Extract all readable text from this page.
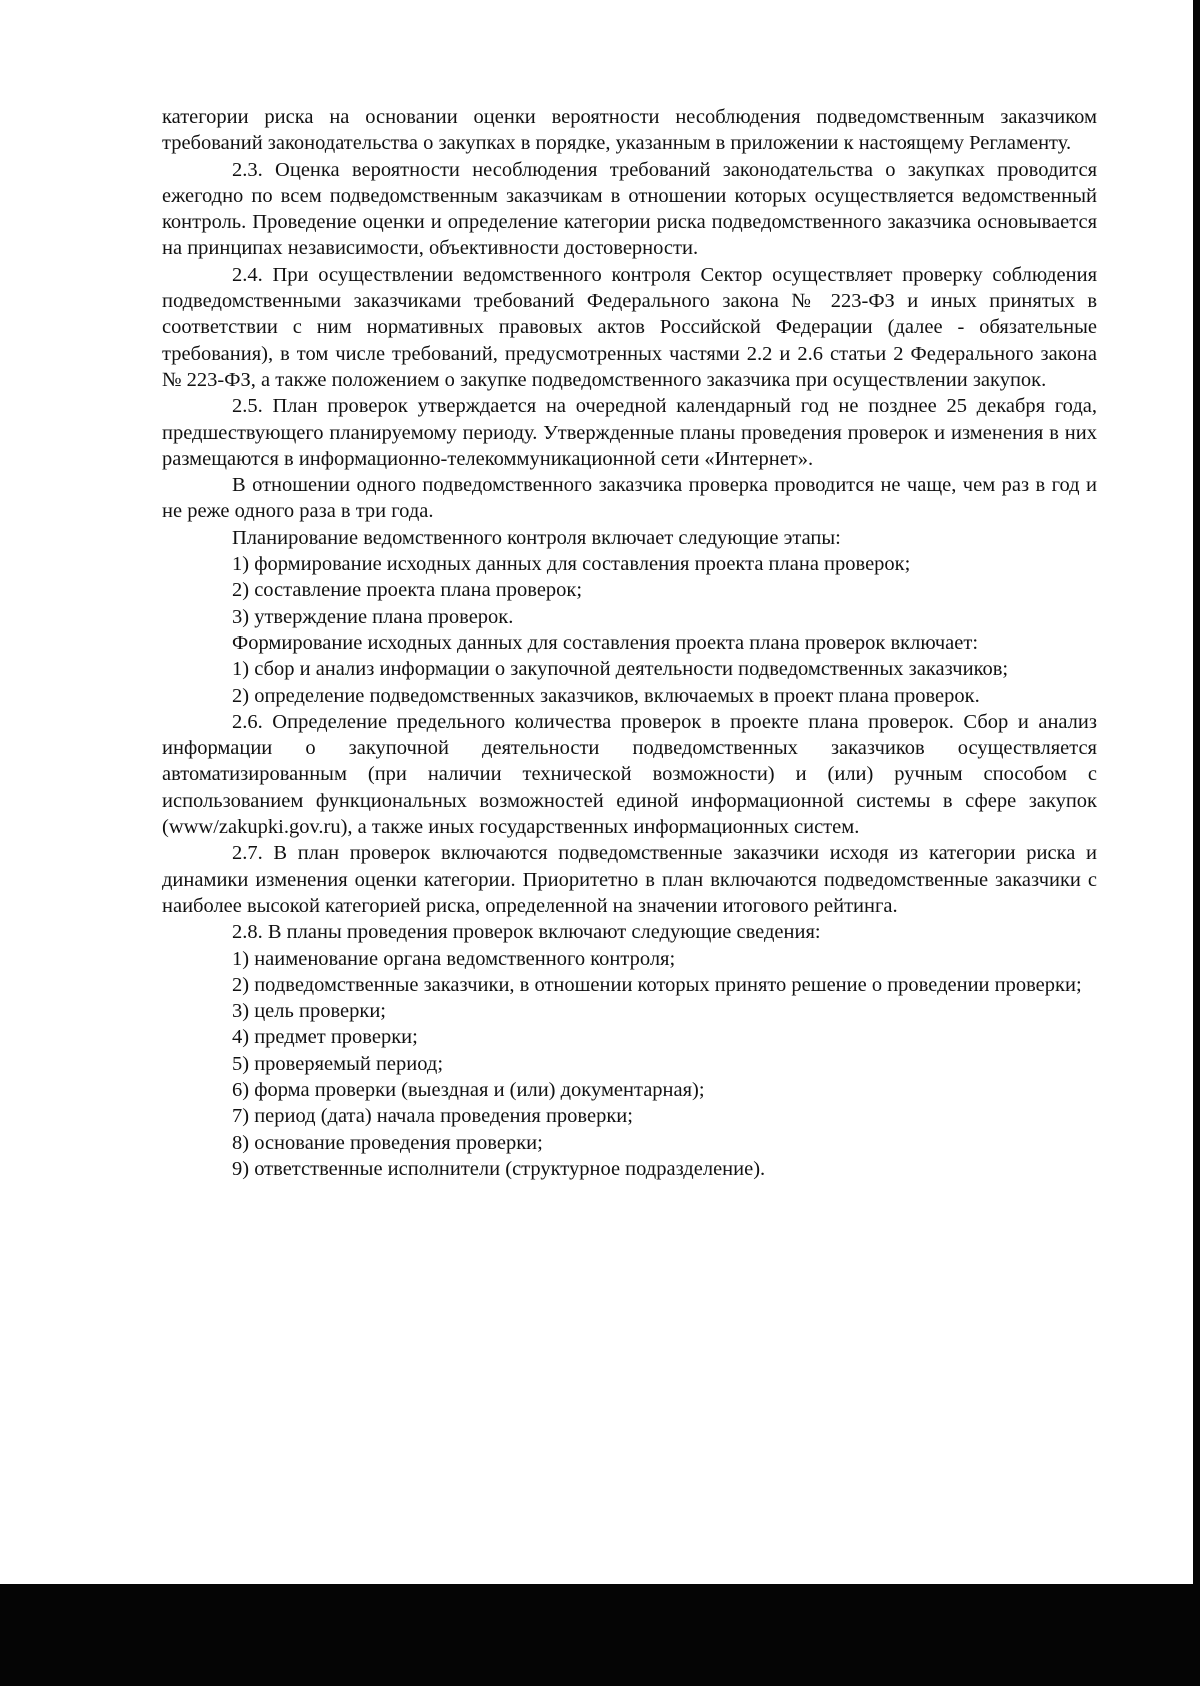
категории риска на основании оценки вероятности несоблюдения подведомственным заказчиком требований законодательства о закупках в порядке, указанным в приложении к настоящему Регламенту.

2.3. Оценка вероятности несоблюдения требований законодательства о закупках проводится ежегодно по всем подведомственным заказчикам в отношении которых осуществляется ведомственный контроль. Проведение оценки и определение категории риска подведомственного заказчика основывается на принципах независимости, объективности достоверности.

2.4. При осуществлении ведомственного контроля Сектор осуществляет проверку соблюдения подведомственными заказчиками требований Федерального закона № 223-ФЗ и иных принятых в соответствии с ним нормативных правовых актов Российской Федерации (далее - обязательные требования), в том числе требований, предусмотренных частями 2.2 и 2.6 статьи 2 Федерального закона № 223-ФЗ, а также положением о закупке подведомственного заказчика при осуществлении закупок.

2.5. План проверок утверждается на очередной календарный год не позднее 25 декабря года, предшествующего планируемому периоду. Утвержденные планы проведения проверок и изменения в них размещаются в информационно-телекоммуникационной сети «Интернет».

В отношении одного подведомственного заказчика проверка проводится не чаще, чем раз в год и не реже одного раза в три года.

Планирование ведомственного контроля включает следующие этапы:

1) формирование исходных данных для составления проекта плана проверок;

2) составление проекта плана проверок;

3) утверждение плана проверок.

Формирование исходных данных для составления проекта плана проверок включает:

1) сбор и анализ информации о закупочной деятельности подведомственных заказчиков;

2) определение подведомственных заказчиков, включаемых в проект плана проверок.

2.6. Определение предельного количества проверок в проекте плана проверок. Сбор и анализ информации о закупочной деятельности подведомственных заказчиков осуществляется автоматизированным (при наличии технической возможности) и (или) ручным способом с использованием функциональных возможностей единой информационной системы в сфере закупок (www/zakupki.gov.ru), а также иных государственных информационных систем.

2.7. В план проверок включаются подведомственные заказчики исходя из категории риска и динамики изменения оценки категории. Приоритетно в план включаются подведомственные заказчики с наиболее высокой категорией риска, определенной на значении итогового рейтинга.

2.8. В планы проведения проверок включают следующие сведения:

1) наименование органа ведомственного контроля;

2) подведомственные заказчики, в отношении которых принято решение о проведении проверки;

3) цель проверки;

4) предмет проверки;

5) проверяемый период;

6) форма проверки (выездная и (или) документарная);

7) период (дата) начала проведения проверки;

8) основание проведения проверки;

9) ответственные исполнители (структурное подразделение).
